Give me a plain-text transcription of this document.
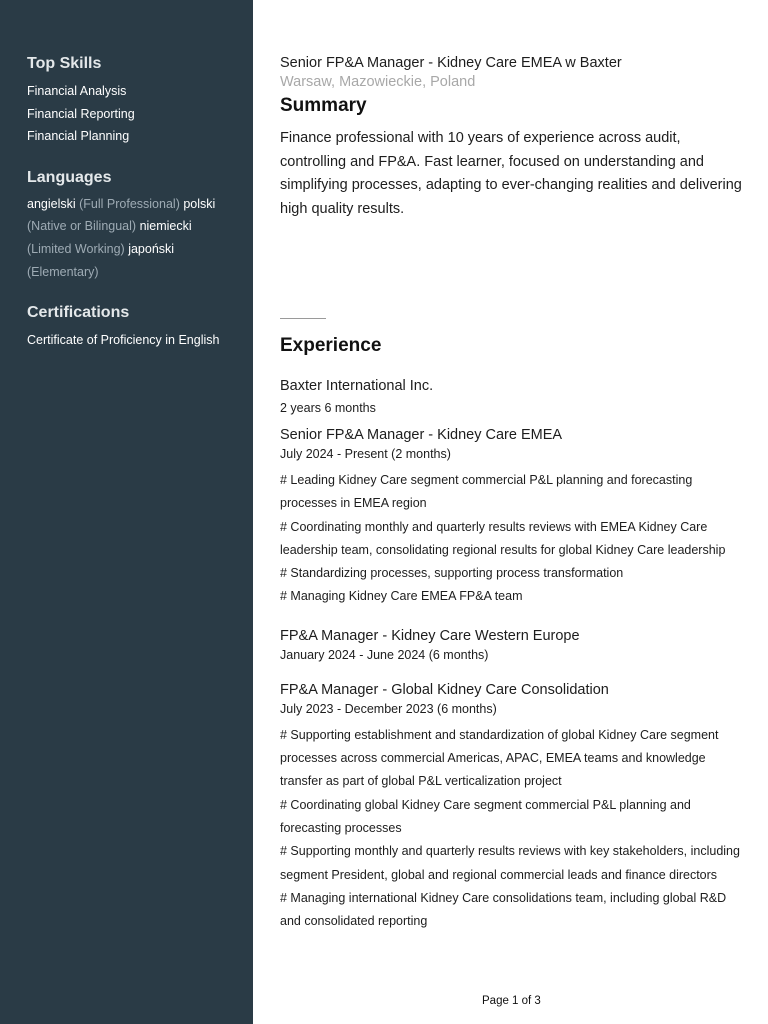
Top Skills
Financial Analysis
Financial Reporting
Financial Planning
Languages

angielski (Full Professional) polski (Native or Bilingual) niemiecki (Limited Working) japoński (Elementary)

Certifications
Certificate of Proficiency in English
Senior FP&A Manager - Kidney Care EMEA w Baxter
Warsaw, Mazowieckie, Poland
Summary

Finance professional with 10 years of experience across audit, controlling and FP&A. Fast learner, focused on understanding and simplifying processes, adapting to ever-changing realities and delivering high quality results.

Experience
Baxter International Inc.
2 years 6 months
Senior FP&A Manager - Kidney Care EMEA
July 2024 - Present (2 months)

# Leading Kidney Care segment commercial P&L planning and forecasting processes in EMEA region

# Coordinating monthly and quarterly results reviews with EMEA Kidney Care leadership team, consolidating regional results for global Kidney Care leadership

# Standardizing processes, supporting process transformation

# Managing Kidney Care EMEA FP&A team

FP&A Manager - Kidney Care Western Europe
January 2024 - June 2024 (6 months)
FP&A Manager - Global Kidney Care Consolidation
July 2023 - December 2023 (6 months)

# Supporting establishment and standardization of global Kidney Care segment processes across commercial Americas, APAC, EMEA teams and knowledge transfer as part of global P&L verticalization project

# Coordinating global Kidney Care segment commercial P&L planning and forecasting processes

# Supporting monthly and quarterly results reviews with key stakeholders, including segment President, global and regional commercial leads and finance directors

# Managing international Kidney Care consolidations team, including global R&D and consolidated reporting

Page 1 of 3
